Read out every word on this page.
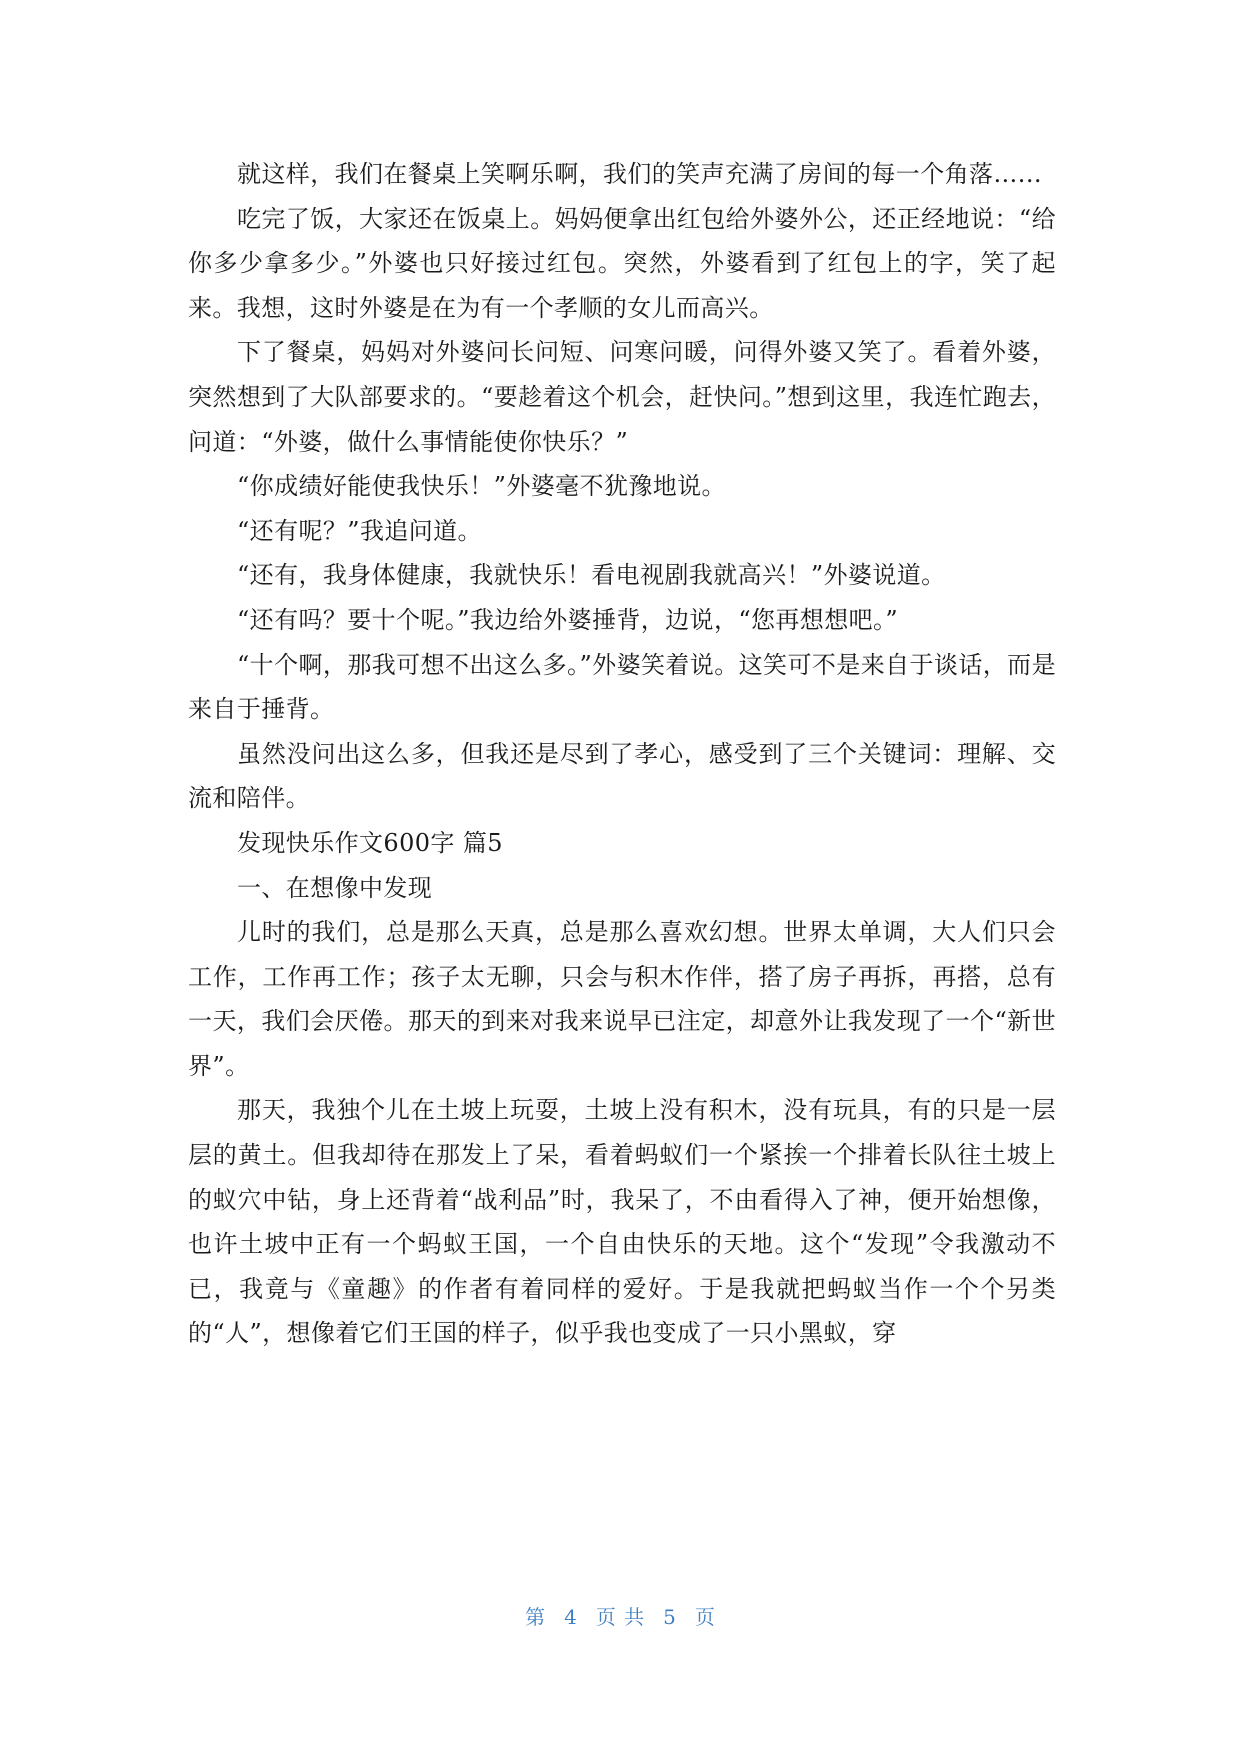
就这样，我们在餐桌上笑啊乐啊，我们的笑声充满了房间的每一个角落…...

吃完了饭，大家还在饭桌上。妈妈便拿出红包给外婆外公，还正经地说：“给你多少拿多少。”外婆也只好接过红包。突然，外婆看到了红包上的字，笑了起来。我想，这时外婆是在为有一个孝顺的女儿而高兴。

下了餐桌，妈妈对外婆问长问短、问寒问暖，问得外婆又笑了。看着外婆，突然想到了大队部要求的。“要趁着这个机会，赶快问。”想到这里，我连忙跑去，问道：“外婆，做什么事情能使你快乐？”

“你成绩好能使我快乐！”外婆毫不犹豫地说。

“还有呢？”我追问道。

“还有，我身体健康，我就快乐！看电视剧我就高兴！”外婆说道。

“还有吗？要十个呢。”我边给外婆捶背，边说，“您再想想吧。”

“十个啊，那我可想不出这么多。”外婆笑着说。这笑可不是来自于谈话，而是来自于捶背。

虽然没问出这么多，但我还是尽到了孝心，感受到了三个关键词：理解、交流和陪伴。

发现快乐作文600字 篇5

一、在想像中发现

儿时的我们，总是那么天真，总是那么喜欢幻想。世界太单调，大人们只会工作，工作再工作；孩子太无聊，只会与积木作伴，搭了房子再拆，再搭，总有一天，我们会厌倦。那天的到来对我来说早已注定，却意外让我发现了一个“新世界”。

那天，我独个儿在土坡上玩耍，土坡上没有积木，没有玩具，有的只是一层层的黄土。但我却待在那发上了呆，看着蚂蚁们一个紧挨一个排着长队往土坡上的蚁穴中钻，身上还背着“战利品”时，我呆了，不由看得入了神，便开始想像，也许土坡中正有一个蚂蚁王国，一个自由快乐的天地。这个“发现”令我激动不已，我竟与《童趣》的作者有着同样的爱好。于是我就把蚂蚁当作一个个另类的“人”，想像着它们王国的样子，似乎我也变成了一只小黑蚁，穿

第 4 页 共 5 页
